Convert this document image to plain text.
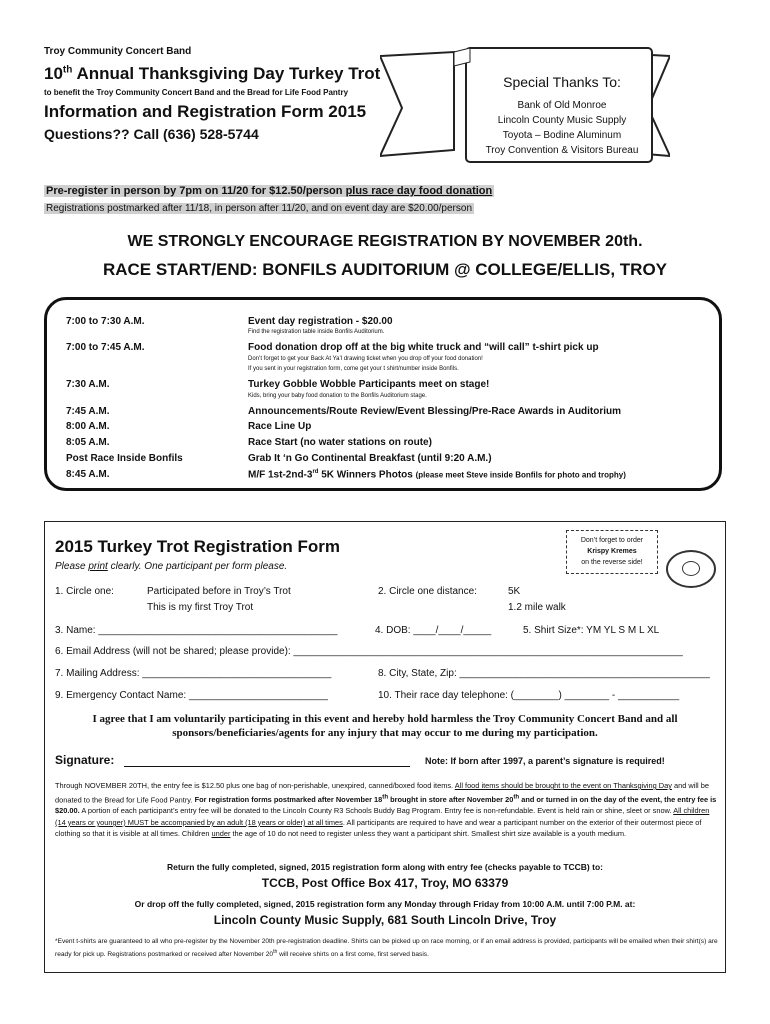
Troy Community Concert Band
10th Annual Thanksgiving Day Turkey Trot
to benefit the Troy Community Concert Band and the Bread for Life Food Pantry
Information and Registration Form 2015
Questions?? Call (636) 528-5744
Special Thanks To:
Bank of Old Monroe
Lincoln County Music Supply
Toyota – Bodine Aluminum
Troy Convention & Visitors Bureau
Pre-register in person by 7pm on 11/20 for $12.50/person plus race day food donation
Registrations postmarked after 11/18, in person after 11/20, and on event day are $20.00/person
WE STRONGLY ENCOURAGE REGISTRATION BY NOVEMBER 20th.
RACE START/END: BONFILS AUDITORIUM @ COLLEGE/ELLIS, TROY
7:00 to 7:30 A.M.	Event day registration - $20.00
Find the registration table inside Bonfils Auditorium.
7:00 to 7:45 A.M.	Food donation drop off at the big white truck and “will call” t-shirt pick up
Don’t forget to get your Back At Ya’l drawing ticket when you drop off your food donation!
If you sent in your registration form, come get your t shirt/number inside Bonfils.
7:30 A.M.	Turkey Gobble Wobble Participants meet on stage!
Kids, bring your baby food donation to the Bonfils Auditorium stage.
7:45 A.M.	Announcements/Route Review/Event Blessing/Pre-Race Awards in Auditorium
8:00 A.M.	Race Line Up
8:05 A.M.	Race Start (no water stations on route)
Post Race Inside Bonfils	Grab It ‘n Go Continental Breakfast (until 9:20 A.M.)
8:45 A.M.	M/F 1st-2nd-3rd 5K Winners Photos (please meet Steve inside Bonfils for photo and trophy)
2015 Turkey Trot Registration Form
Please print clearly. One participant per form please.
Don’t forget to order
Krispy Kremes
on the reverse side!
1. Circle one:	Participated before in Troy’s Trot
This is my first Troy Trot
2. Circle one distance:	5K
1.2 mile walk
3. Name: ___________________________________________	4. DOB: ____/____/_____	5. Shirt Size*: YM YL S M L XL
6. Email Address (will not be shared; please provide): ______________________________________________________________________
7. Mailing Address: __________________________________	8. City, State, Zip: _____________________________________________
9. Emergency Contact Name: _________________________	10. Their race day telephone: (________) ________ - ___________
I agree that I am voluntarily participating in this event and hereby hold harmless the Troy Community Concert Band and all sponsors/beneficiaries/agents for any injury that may occur to me during my participation.
Signature:	Note: If born after 1997, a parent’s signature is required!
Through NOVEMBER 20TH, the entry fee is $12.50 plus one bag of non-perishable, unexpired, canned/boxed food items. All food items should be brought to the event on Thanksgiving Day and will be donated to the Bread for Life Food Pantry. For registration forms postmarked after November 18th brought in store after November 20th and or turned in on the day of the event, the entry fee is $20.00. A portion of each participant’s entry fee will be donated to the Lincoln County R3 Schools Buddy Bag Program. Entry fee is non-refundable. Event is held rain or shine, sleet or snow. All children (14 years or younger) MUST be accompanied by an adult (18 years or older) at all times. All participants are required to have and wear a participant number on the exterior of their outermost piece of clothing so that it is visible at all times. Children under the age of 10 do not need to register unless they want a participant shirt. Smallest shirt size available is a youth medium.
Return the fully completed, signed, 2015 registration form along with entry fee (checks payable to TCCB) to:
TCCB, Post Office Box 417, Troy, MO 63379
Or drop off the fully completed, signed, 2015 registration form any Monday through Friday from 10:00 A.M. until 7:00 P.M. at:
Lincoln County Music Supply, 681 South Lincoln Drive, Troy
*Event t-shirts are guaranteed to all who pre-register by the November 20th pre-registration deadline. Shirts can be picked up on race morning, or if an email address is provided, participants will be emailed when their shirt(s) are ready for pick up. Registrations postmarked or received after November 20th will receive shirts on a first come, first served basis.
